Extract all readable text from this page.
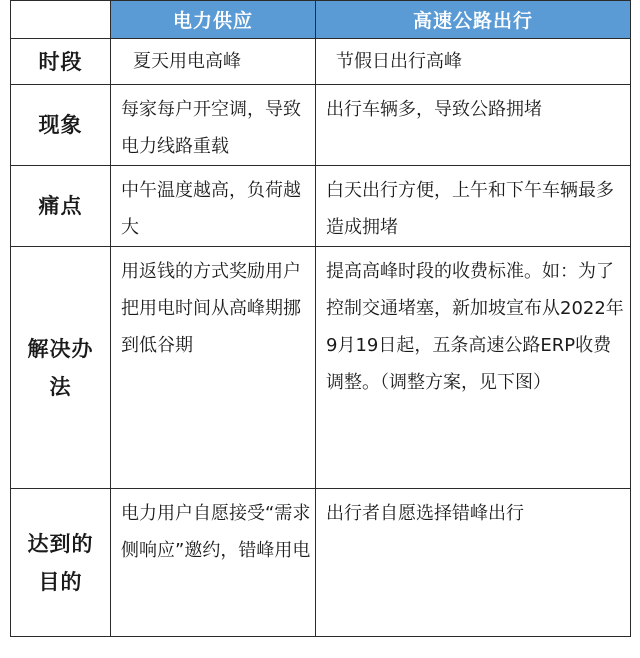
	电力供应	高速公路出行
时段	夏天用电高峰	节假日出行高峰
现象	每家每户开空调，导致电力线路重载	出行车辆多，导致公路拥堵
痛点	中午温度越高，负荷越大	白天出行方便，上午和下午车辆最多造成拥堵
解决办法	用返钱的方式奖励用户把用电时间从高峰期挪到低谷期	提高高峰时段的收费标准。如：为了控制交通堵塞，新加坡宣布从2022年9月19日起，五条高速公路ERP收费调整。（调整方案，见下图）
达到的目的	电力用户自愿接受“需求侧响应”邀约，错峰用电	出行者自愿选择错峰出行
